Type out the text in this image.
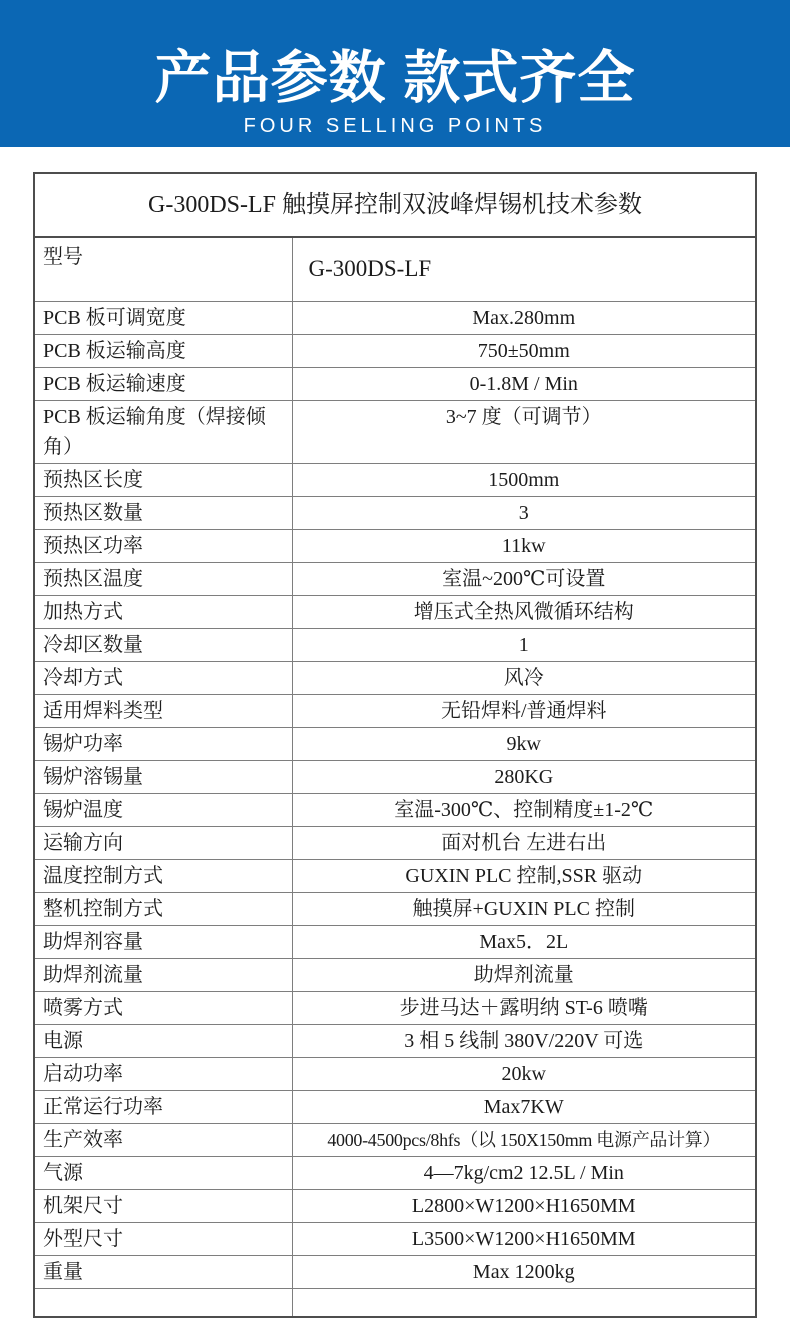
产品参数 款式齐全
FOUR SELLING POINTS
G-300DS-LF 触摸屏控制双波峰焊锡机技术参数	
型号	G-300DS-LF
PCB 板可调宽度	Max.280mm
PCB 板运输高度	750±50mm
PCB 板运输速度	0-1.8M / Min
PCB 板运输角度（焊接倾角）	3~7 度（可调节）
预热区长度	1500mm
预热区数量	3
预热区功率	11kw
预热区温度	室温~200℃可设置
加热方式	增压式全热风微循环结构
冷却区数量	1
冷却方式	风冷
适用焊料类型	无铅焊料/普通焊料
锡炉功率	9kw
锡炉溶锡量	280KG
锡炉温度	室温-300℃、控制精度±1-2℃
运输方向	面对机台 左进右出
温度控制方式	GUXIN PLC 控制,SSR 驱动
整机控制方式	触摸屏+GUXIN PLC 控制
助焊剂容量	Max5．2L
助焊剂流量	助焊剂流量
喷雾方式	步进马达＋露明纳 ST-6 喷嘴
电源	3 相 5 线制 380V/220V 可选
启动功率	20kw
正常运行功率	Max7KW
生产效率	4000-4500pcs/8hfs（以 150X150mm 电源产品计算）
气源	4—7kg/cm2 12.5L / Min
机架尺寸	L2800×W1200×H1650MM
外型尺寸	L3500×W1200×H1650MM
重量	Max 1200kg
